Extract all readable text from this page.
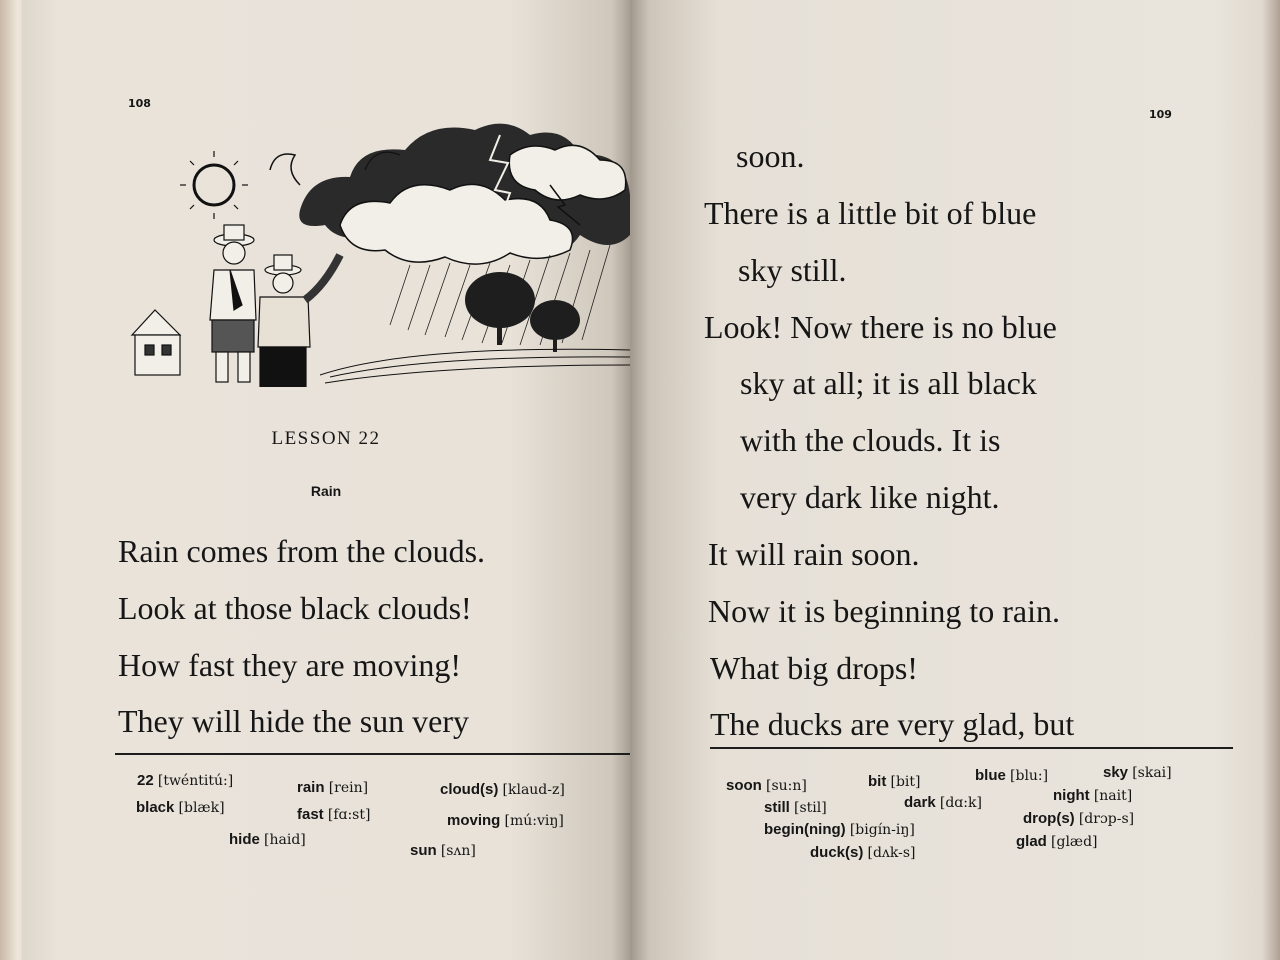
108
LESSON 22
Rain
Rain comes from the clouds.
Look at those black clouds!
How fast they are moving!
They will hide the sun very
22 [twéntitú:]	rain [rein]	cloud(s) [klaud-z]
black [blæk]	fast [fɑ:st]	moving [mú:viŋ]
hide [haid]
sun [sʌn]
109
soon.
There is a little bit of blue
sky still.
Look! Now there is no blue
sky at all; it is all black
with the clouds. It is
very dark like night.
It will rain soon.
Now it is beginning to rain.
What big drops!
The ducks are very glad, but
soon [su:n]	bit [bit]	blue [blu:]	sky [skai]
still [stil]	dark [dɑ:k]	night [nait]
begin(ning) [bigín-iŋ]
drop(s) [drɔp-s]
duck(s) [dʌk-s]
glad [glæd]
